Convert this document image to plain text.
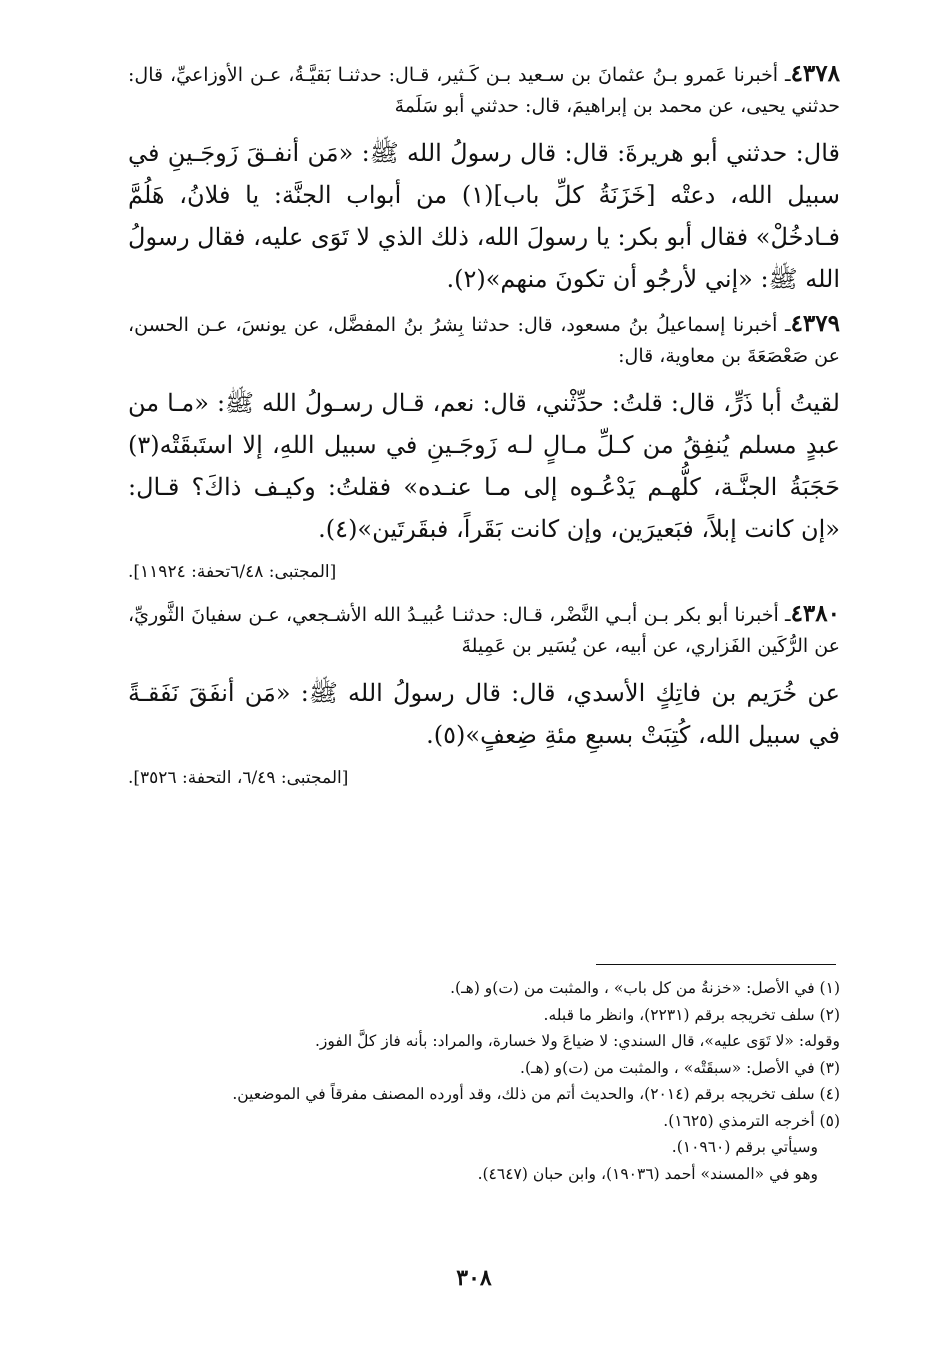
٤٣٧٨ـ أخبرنا عَمرو بـنُ عثمانَ بن سـعيد بـن كَـثير، قـال: حدثنـا بَقيَّـةُ، عـن الأوزاعيِّ، قال: حدثني يحيى، عن محمد بن إبراهيمَ، قال: حدثني أبو سَلَمةَ

قال: حدثني أبو هريرةَ: قال: قال رسولُ الله ﷺ: «مَن أنفـقَ زَوجَـينِ في سبيل الله، دعتْه [خَزَنَةُ كلِّ باب](١) من أبواب الجنَّة: يا فلانُ، هَلُمَّ فـادخُلْ» فقال أبو بكر: يا رسولَ الله، ذلك الذي لا تَوَى عليه، فقال رسولُ الله ﷺ: «إني لأرجُو أن تكونَ منهم»(٢).

٤٣٧٩ـ أخبرنا إسماعيلُ بنُ مسعود، قال: حدثنا بِشرُ بنُ المفضَّل، عن يونسَ، عـن الحسن، عن صَعْصَعَةَ بن معاوية، قال:

لقيتُ أبا ذَرٍّ، قال: قلتُ: حدِّثْني، قال: نعم، قـال رسـولُ الله ﷺ: «مـا من عبدٍ مسلم يُنفِقُ من كـلِّ مـالٍ لـه زَوجَـينِ في سبيل اللهِ، إلا استَبقَتْه(٣) حَجَبَةُ الجنَّـة، كلُّهـم يَدْعُـوه إلى مـا عنـده» فقلتُ: وكيـف ذاكَ؟ قـال: «إن كانت إبلاً، فبَعيرَين، وإن كانت بَقَراً، فبقَرتَين»(٤).

[المجتبى: ٦/٤٨تحفة: ١١٩٢٤].

٤٣٨٠ـ أخبرنا أبو بكر بـن أبـي النَّضْر، قـال: حدثنـا عُبيـدُ الله الأشـجعي، عـن سفيانَ الثَّوريِّ، عن الرُّكَين الفَزاري، عن أبيه، عن يُسَير بن عَمِيلةَ

عن خُرَيم بن فاتِكٍ الأسدي، قال: قال رسولُ الله ﷺ: «مَن أنفَقَ نَفَقـةً في سبيل الله، كُتِبَتْ بسبعِ مئةِ ضِعفٍ»(٥).

[المجتبى: ٦/٤٩، التحفة: ٣٥٢٦].

(١) في الأصل: «خزنةُ من كل باب» ، والمثبت من (ت)و (هـ).

(٢) سلف تخريجه برقم (٢٢٣١)، وانظر ما قبله.

وقوله: «لا تَوَى عليه»، قال السندي: لا ضياعَ ولا خسارة، والمراد: بأنه فاز كلَّ الفوز.

(٣) في الأصل: «سبقَتْه» ، والمثبت من (ت)و (هـ).

(٤) سلف تخريجه برقم (٢٠١٤)، والحديث أتم من ذلك، وقد أورده المصنف مفرقاً في الموضعين.

(٥) أخرجه الترمذي (١٦٢٥).

وسيأتي برقم (١٠٩٦٠).

وهو في «المسند» أحمد (١٩٠٣٦)، وابن حبان (٤٦٤٧).

٣٠٨
